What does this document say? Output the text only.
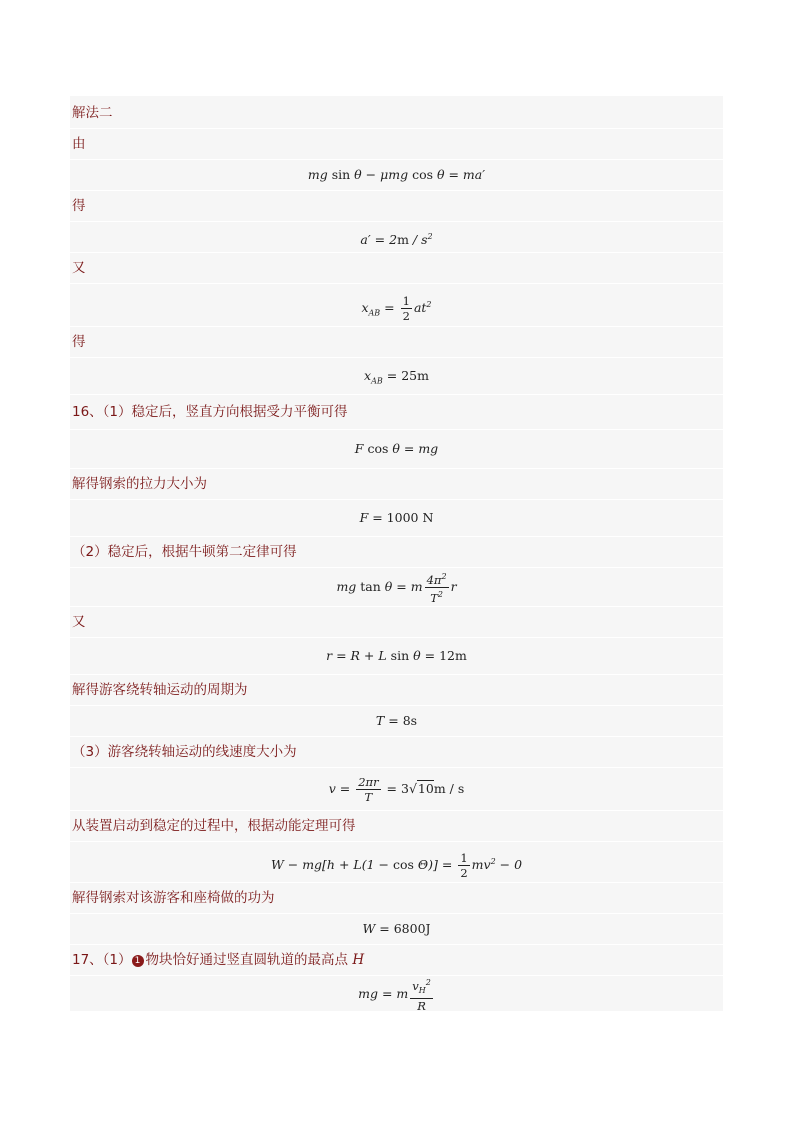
解法二
由
mg sin θ − μmg cos θ = ma′
得
$a' = 2m / s^2$
又
$x_{AB} = \frac{1}{2} at^2$
得
$x_{AB} = 25m$
16、（1）稳定后，竖直方向根据受力平衡可得
F cos θ = mg
解得钢索的拉力大小为
F = 1000 N
（2）稳定后，根据牛顿第二定律可得
mg tan θ = m $\frac{4\pi^2}{T^2}$ r
又
r = R + L sin θ = 12m
解得游客绕转轴运动的周期为
T = 8s
（3）游客绕转轴运动的线速度大小为
$v = \frac{2\pi r}{T} = 3√10m / s$
从装置启动到稳定的过程中，根据动能定理可得
$W - mg[h + L(1 - \cos \Theta)] = \frac{1}{2} mv^2 - 0$
解得钢索对该游客和座椅做的功为
W = 6800J
17、（1） 1 物块恰好通过竖直圆轨道的最高点 H
mg = m $\frac{v_H^2}{R}$
